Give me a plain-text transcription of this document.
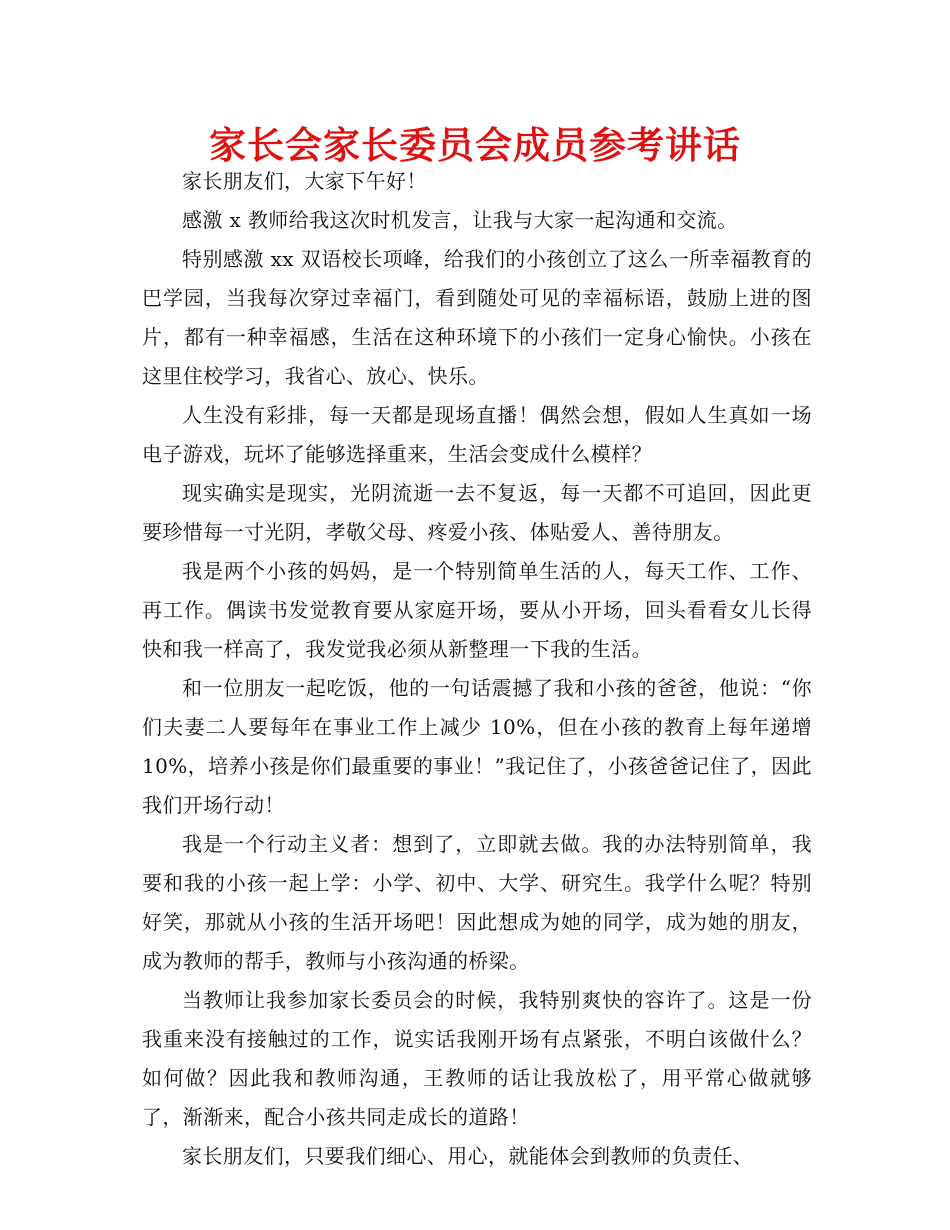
家长会家长委员会成员参考讲话

家长朋友们，大家下午好！

感激 x 教师给我这次时机发言，让我与大家一起沟通和交流。

特别感激 xx 双语校长项峰，给我们的小孩创立了这么一所幸福教育的巴学园，当我每次穿过幸福门，看到随处可见的幸福标语，鼓励上进的图片，都有一种幸福感，生活在这种环境下的小孩们一定身心愉快。小孩在这里住校学习，我省心、放心、快乐。

人生没有彩排，每一天都是现场直播！偶然会想，假如人生真如一场电子游戏，玩坏了能够选择重来，生活会变成什么模样？

现实确实是现实，光阴流逝一去不复返，每一天都不可追回，因此更要珍惜每一寸光阴，孝敬父母、疼爱小孩、体贴爱人、善待朋友。

我是两个小孩的妈妈，是一个特别简单生活的人，每天工作、工作、再工作。偶读书发觉教育要从家庭开场，要从小开场，回头看看女儿长得快和我一样高了，我发觉我必须从新整理一下我的生活。

和一位朋友一起吃饭，他的一句话震撼了我和小孩的爸爸，他说：“你们夫妻二人要每年在事业工作上减少 10%，但在小孩的教育上每年递增 10%，培养小孩是你们最重要的事业！”我记住了，小孩爸爸记住了，因此我们开场行动！

我是一个行动主义者：想到了，立即就去做。我的办法特别简单，我要和我的小孩一起上学：小学、初中、大学、研究生。我学什么呢？特别好笑，那就从小孩的生活开场吧！因此想成为她的同学，成为她的朋友，成为教师的帮手，教师与小孩沟通的桥梁。

当教师让我参加家长委员会的时候，我特别爽快的容许了。这是一份我重来没有接触过的工作，说实话我刚开场有点紧张，不明白该做什么？如何做？因此我和教师沟通，王教师的话让我放松了，用平常心做就够了，渐渐来，配合小孩共同走成长的道路！

家长朋友们，只要我们细心、用心，就能体会到教师的负责任、
